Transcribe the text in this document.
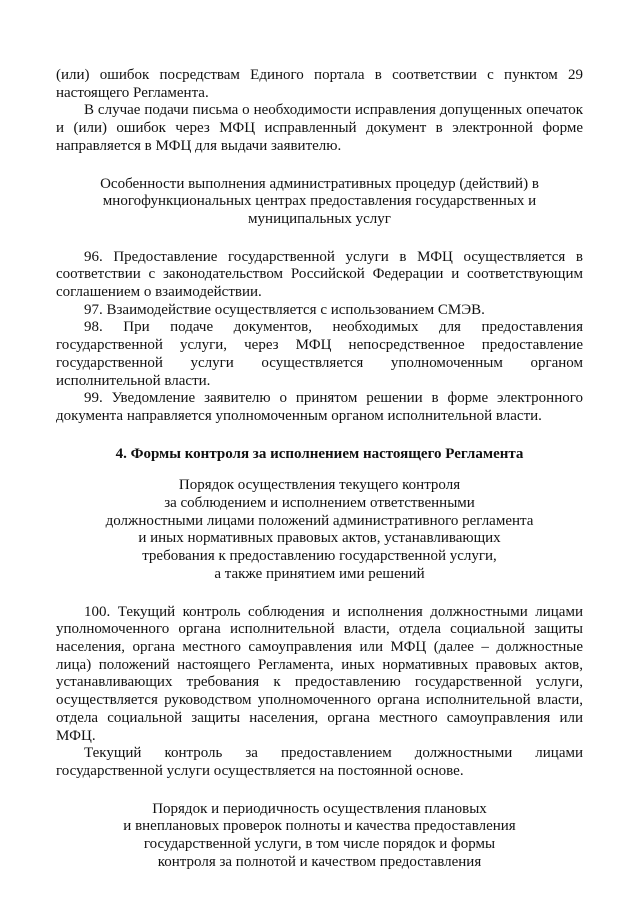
(или) ошибок посредствам Единого портала в соответствии с пунктом 29 настоящего Регламента.

В случае подачи письма о необходимости исправления допущенных опечаток и (или) ошибок через МФЦ исправленный документ в электронной форме направляется в МФЦ для выдачи заявителю.

Особенности выполнения административных процедур (действий) в
многофункциональных центрах предоставления государственных и
муниципальных услуг

96. Предоставление государственной услуги в МФЦ осуществляется в соответствии с законодательством Российской Федерации и соответствующим соглашением о взаимодействии.

97. Взаимодействие осуществляется с использованием СМЭВ.

98. При подаче документов, необходимых для предоставления
государственной услуги, через МФЦ непосредственное предоставление
государственной услуги осуществляется уполномоченным органом
исполнительной власти.

99. Уведомление заявителю о принятом решении в форме электронного документа направляется уполномоченным органом исполнительной власти.

4. Формы контроля за исполнением настоящего Регламента

Порядок осуществления текущего контроля
за соблюдением и исполнением ответственными
должностными лицами положений административного регламента
и иных нормативных правовых актов, устанавливающих
требования к предоставлению государственной услуги,
а также принятием ими решений

100. Текущий контроль соблюдения и исполнения должностными лицами уполномоченного органа исполнительной власти, отдела социальной защиты населения, органа местного самоуправления или МФЦ (далее – должностные лица) положений настоящего Регламента, иных нормативных правовых актов, устанавливающих требования к предоставлению государственной услуги, осуществляется руководством уполномоченного органа исполнительной власти, отдела социальной защиты населения, органа местного самоуправления или МФЦ.

Текущий контроль за предоставлением должностными лицами
государственной услуги осуществляется на постоянной основе.
Порядок и периодичность осуществления плановых
и внеплановых проверок полноты и качества предоставления
государственной услуги, в том числе порядок и формы
контроля за полнотой и качеством предоставления
